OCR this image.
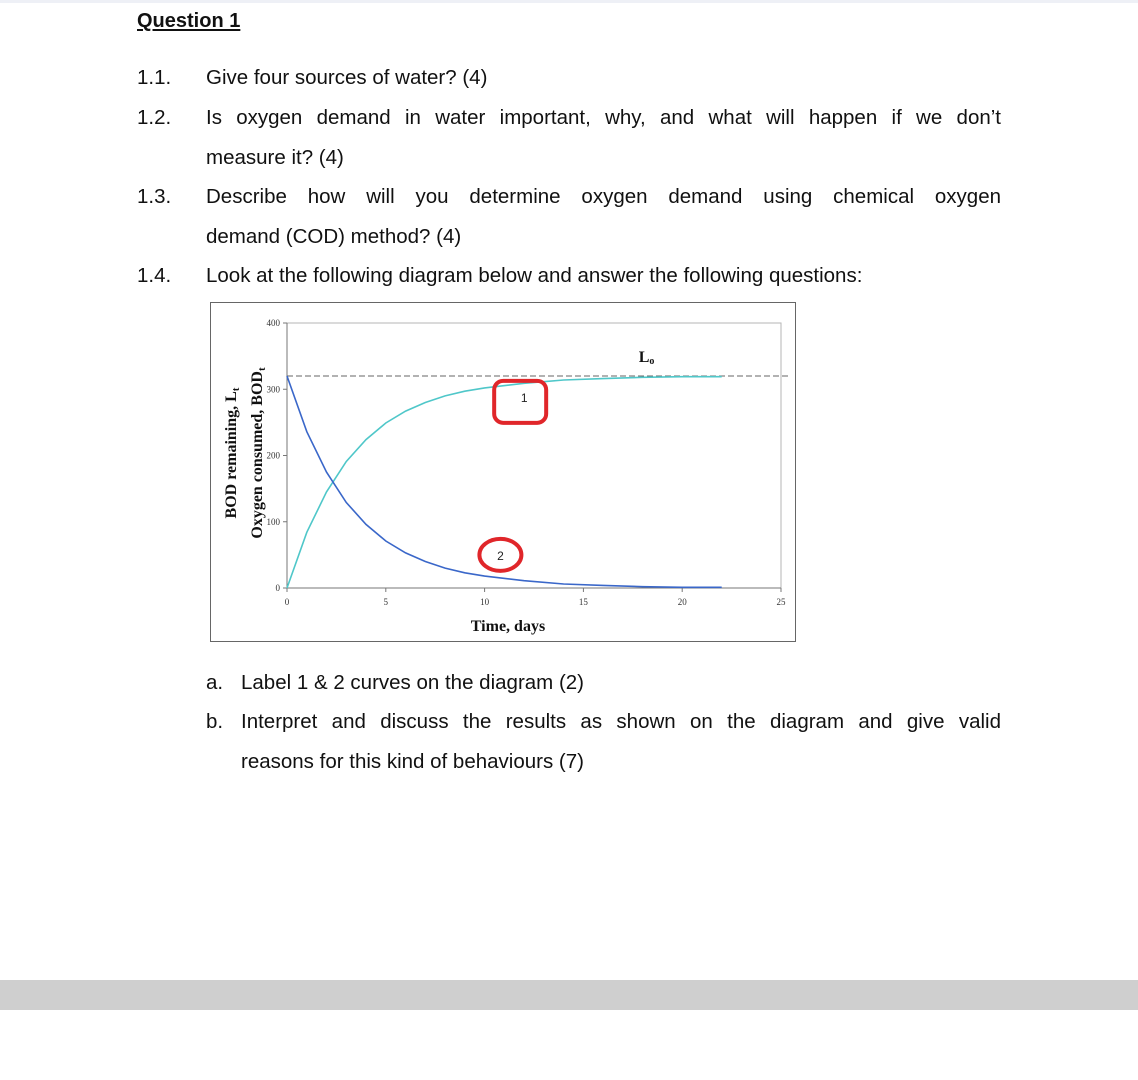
Question 1
1.1. Give four sources of water? (4)
1.2. Is oxygen demand in water important, why, and what will happen if we don’t
measure it? (4)
1.3. Describe how will you determine oxygen demand using chemical oxygen
demand (COD) method? (4)
1.4. Look at the following diagram below and answer the following questions:
0
100
200
300
400
0	5	10	15	20	25
Lo
1
2
Time, days
BOD remaining, Lt Oxygen consumed, BODt
a. Label 1 & 2 curves on the diagram (2)
b. Interpret and discuss the results as shown on the diagram and give valid
reasons for this kind of behaviours (7)
